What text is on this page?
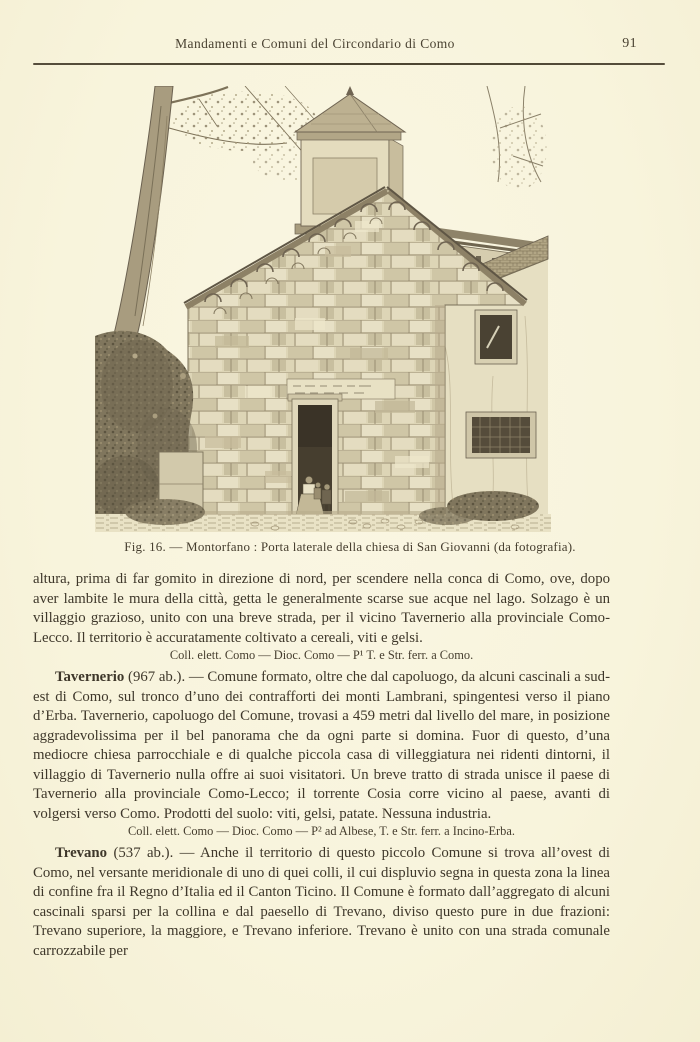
Mandamenti e Comuni del Circondario di Como	91
Fig. 16. — Montorfano : Porta laterale della chiesa di San Giovanni (da fotografia).

altura, prima di far gomito in direzione di nord, per scendere nella conca di Como, ove, dopo aver lambite le mura della città, getta le generalmente scarse sue acque nel lago. Solzago è un villaggio grazioso, unito con una breve strada, per il vicino Tavernerio alla provinciale Como-Lecco. Il territorio è accuratamente coltivato a cereali, viti e gelsi.

Coll. elett. Como — Dioc. Como — P¹ T. e Str. ferr. a Como.

Tavernerio (967 ab.). — Comune formato, oltre che dal capoluogo, da alcuni cascinali a sud-est di Como, sul tronco d’uno dei contrafforti dei monti Lambrani, spingentesi verso il piano d’Erba. Tavernerio, capoluogo del Comune, trovasi a 459 metri dal livello del mare, in posizione aggradevolissima per il bel panorama che da ogni parte si domina. Fuor di questo, d’una mediocre chiesa parrocchiale e di qualche piccola casa di villeggiatura nei ridenti dintorni, il villaggio di Tavernerio nulla offre ai suoi visitatori. Un breve tratto di strada unisce il paese di Tavernerio alla provinciale Como-Lecco; il torrente Cosia corre vicino al paese, avanti di volgersi verso Como. Prodotti del suolo: viti, gelsi, patate. Nessuna industria.

Coll. elett. Como — Dioc. Como — P² ad Albese, T. e Str. ferr. a Incino-Erba.

Trevano (537 ab.). — Anche il territorio di questo piccolo Comune si trova all’ovest di Como, nel versante meridionale di uno di quei colli, il cui displuvio segna in questa zona la linea di confine fra il Regno d’Italia ed il Canton Ticino. Il Comune è formato dall’aggregato di alcuni cascinali sparsi per la collina e dal paesello di Trevano, diviso questo pure in due frazioni: Trevano superiore, la maggiore, e Trevano inferiore. Trevano è unito con una strada comunale carrozzabile per
